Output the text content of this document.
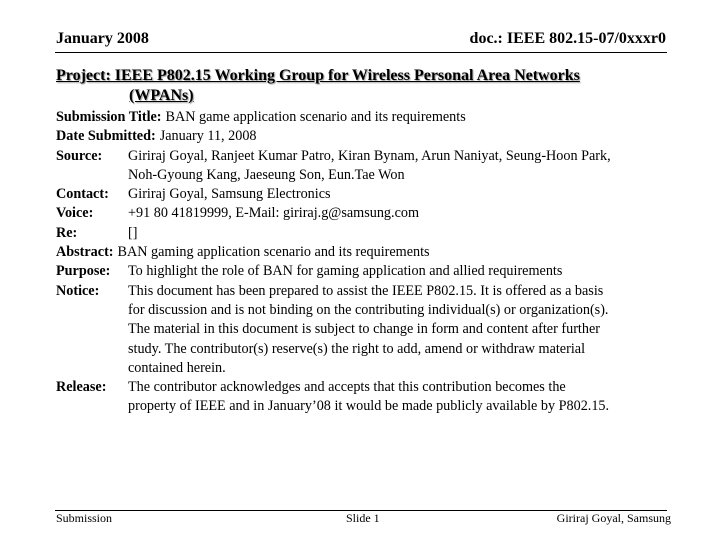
January 2008	doc.: IEEE 802.15-07/0xxxr0
Project: IEEE P802.15 Working Group for Wireless Personal Area Networks
(WPANs)
Submission Title: BAN game application scenario and its requirements
Date Submitted: January 11, 2008
Source:	Giriraj Goyal, Ranjeet Kumar Patro, Kiran Bynam, Arun Naniyat, Seung-Hoon Park,
Noh-Gyoung Kang, Jaeseung Son, Eun.Tae Won
Contact:	Giriraj Goyal, Samsung Electronics
Voice:	+91 80 41819999, E-Mail: giriraj.g@samsung.com
Re:	[]
Abstract: BAN gaming application scenario and its requirements
Purpose:	To highlight the role of BAN for gaming application and allied requirements
Notice:	This document has been prepared to assist the IEEE P802.15. It is offered as a basis
for discussion and is not binding on the contributing individual(s) or organization(s).
The material in this document is subject to change in form and content after further
study. The contributor(s) reserve(s) the right to add, amend or withdraw material
contained herein.
Release:	The contributor acknowledges and accepts that this contribution becomes the
property of IEEE and in January’08 it would be made publicly available by P802.15.
Submission	Slide 1	Giriraj Goyal, Samsung
